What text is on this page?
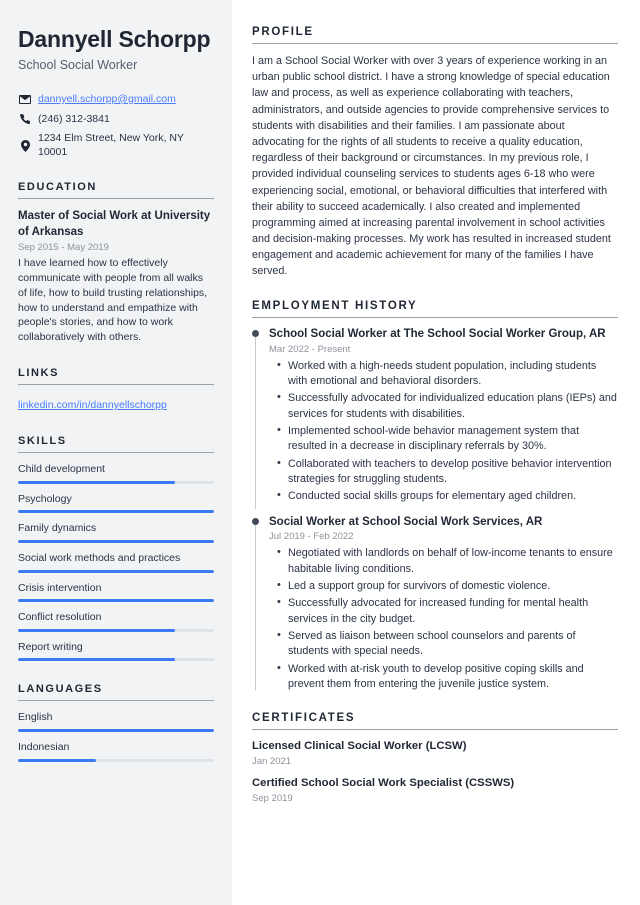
Dannyell Schorpp

School Social Worker

dannyell.schorpp@gmail.com
(246) 312-3841
1234 Elm Street, New York, NY 10001
EDUCATION

Master of Social Work at University of Arkansas

Sep 2015 - May 2019

I have learned how to effectively communicate with people from all walks of life, how to build trusting relationships, how to understand and empathize with people's stories, and how to work collaboratively with others.

LINKS
linkedin.com/in/dannyellschorpp
SKILLS
Child development
Psychology
Family dynamics
Social work methods and practices
Crisis intervention
Conflict resolution
Report writing
LANGUAGES
English
Indonesian
PROFILE

I am a School Social Worker with over 3 years of experience working in an urban public school district. I have a strong knowledge of special education law and process, as well as experience collaborating with teachers, administrators, and outside agencies to provide comprehensive services to students with disabilities and their families. I am passionate about advocating for the rights of all students to receive a quality education, regardless of their background or circumstances. In my previous role, I provided individual counseling services to students ages 6-18 who were experiencing social, emotional, or behavioral difficulties that interfered with their ability to succeed academically. I also created and implemented programming aimed at increasing parental involvement in school activities and decision-making processes. My work has resulted in increased student engagement and academic achievement for many of the families I have served.

EMPLOYMENT HISTORY

School Social Worker at The School Social Worker Group, AR

Mar 2022 - Present

• Worked with a high-needs student population, including students with emotional and behavioral disorders.
• Successfully advocated for individualized education plans (IEPs) and services for students with disabilities.
• Implemented school-wide behavior management system that resulted in a decrease in disciplinary referrals by 30%.
• Collaborated with teachers to develop positive behavior intervention strategies for struggling students.
• Conducted social skills groups for elementary aged children.

Social Worker at School Social Work Services, AR

Jul 2019 - Feb 2022

• Negotiated with landlords on behalf of low-income tenants to ensure habitable living conditions.
• Led a support group for survivors of domestic violence.
• Successfully advocated for increased funding for mental health services in the city budget.
• Served as liaison between school counselors and parents of students with special needs.
• Worked with at-risk youth to develop positive coping skills and prevent them from entering the juvenile justice system.
CERTIFICATES

Licensed Clinical Social Worker (LCSW)

Jan 2021

Certified School Social Work Specialist (CSSWS)

Sep 2019
